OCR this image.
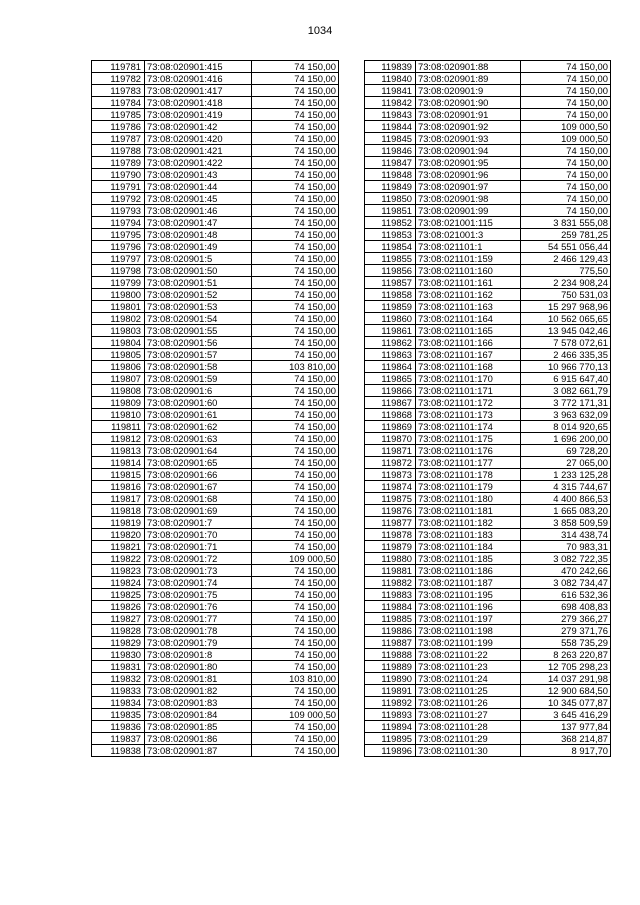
1034
119781	73:08:020901:415	74 150,00
119782	73:08:020901:416	74 150,00
119783	73:08:020901:417	74 150,00
119784	73:08:020901:418	74 150,00
119785	73:08:020901:419	74 150,00
119786	73:08:020901:42	74 150,00
119787	73:08:020901:420	74 150,00
119788	73:08:020901:421	74 150,00
119789	73:08:020901:422	74 150,00
119790	73:08:020901:43	74 150,00
119791	73:08:020901:44	74 150,00
119792	73:08:020901:45	74 150,00
119793	73:08:020901:46	74 150,00
119794	73:08:020901:47	74 150,00
119795	73:08:020901:48	74 150,00
119796	73:08:020901:49	74 150,00
119797	73:08:020901:5	74 150,00
119798	73:08:020901:50	74 150,00
119799	73:08:020901:51	74 150,00
119800	73:08:020901:52	74 150,00
119801	73:08:020901:53	74 150,00
119802	73:08:020901:54	74 150,00
119803	73:08:020901:55	74 150,00
119804	73:08:020901:56	74 150,00
119805	73:08:020901:57	74 150,00
119806	73:08:020901:58	103 810,00
119807	73:08:020901:59	74 150,00
119808	73:08:020901:6	74 150,00
119809	73:08:020901:60	74 150,00
119810	73:08:020901:61	74 150,00
119811	73:08:020901:62	74 150,00
119812	73:08:020901:63	74 150,00
119813	73:08:020901:64	74 150,00
119814	73:08:020901:65	74 150,00
119815	73:08:020901:66	74 150,00
119816	73:08:020901:67	74 150,00
119817	73:08:020901:68	74 150,00
119818	73:08:020901:69	74 150,00
119819	73:08:020901:7	74 150,00
119820	73:08:020901:70	74 150,00
119821	73:08:020901:71	74 150,00
119822	73:08:020901:72	109 000,50
119823	73:08:020901:73	74 150,00
119824	73:08:020901:74	74 150,00
119825	73:08:020901:75	74 150,00
119826	73:08:020901:76	74 150,00
119827	73:08:020901:77	74 150,00
119828	73:08:020901:78	74 150,00
119829	73:08:020901:79	74 150,00
119830	73:08:020901:8	74 150,00
119831	73:08:020901:80	74 150,00
119832	73:08:020901:81	103 810,00
119833	73:08:020901:82	74 150,00
119834	73:08:020901:83	74 150,00
119835	73:08:020901:84	109 000,50
119836	73:08:020901:85	74 150,00
119837	73:08:020901:86	74 150,00
119838	73:08:020901:87	74 150,00
119839	73:08:020901:88	74 150,00
119840	73:08:020901:89	74 150,00
119841	73:08:020901:9	74 150,00
119842	73:08:020901:90	74 150,00
119843	73:08:020901:91	74 150,00
119844	73:08:020901:92	109 000,50
119845	73:08:020901:93	109 000,50
119846	73:08:020901:94	74 150,00
119847	73:08:020901:95	74 150,00
119848	73:08:020901:96	74 150,00
119849	73:08:020901:97	74 150,00
119850	73:08:020901:98	74 150,00
119851	73:08:020901:99	74 150,00
119852	73:08:021001:115	3 831 555,08
119853	73:08:021001:3	259 781,25
119854	73:08:021101:1	54 551 056,44
119855	73:08:021101:159	2 466 129,43
119856	73:08:021101:160	775,50
119857	73:08:021101:161	2 234 908,24
119858	73:08:021101:162	750 531,03
119859	73:08:021101:163	15 297 968,96
119860	73:08:021101:164	10 562 065,65
119861	73:08:021101:165	13 945 042,46
119862	73:08:021101:166	7 578 072,61
119863	73:08:021101:167	2 466 335,35
119864	73:08:021101:168	10 966 770,13
119865	73:08:021101:170	6 915 647,40
119866	73:08:021101:171	3 082 661,79
119867	73:08:021101:172	3 772 171,31
119868	73:08:021101:173	3 963 632,09
119869	73:08:021101:174	8 014 920,65
119870	73:08:021101:175	1 696 200,00
119871	73:08:021101:176	69 728,20
119872	73:08:021101:177	27 065,00
119873	73:08:021101:178	1 233 125,28
119874	73:08:021101:179	4 315 744,67
119875	73:08:021101:180	4 400 866,53
119876	73:08:021101:181	1 665 083,20
119877	73:08:021101:182	3 858 509,59
119878	73:08:021101:183	314 438,74
119879	73:08:021101:184	70 983,31
119880	73:08:021101:185	3 082 722,35
119881	73:08:021101:186	470 242,66
119882	73:08:021101:187	3 082 734,47
119883	73:08:021101:195	616 532,36
119884	73:08:021101:196	698 408,83
119885	73:08:021101:197	279 366,27
119886	73:08:021101:198	279 371,76
119887	73:08:021101:199	558 735,29
119888	73:08:021101:22	8 263 220,87
119889	73:08:021101:23	12 705 298,23
119890	73:08:021101:24	14 037 291,98
119891	73:08:021101:25	12 900 684,50
119892	73:08:021101:26	10 345 077,87
119893	73:08:021101:27	3 645 416,29
119894	73:08:021101:28	137 977,84
119895	73:08:021101:29	368 214,87
119896	73:08:021101:30	8 917,70
